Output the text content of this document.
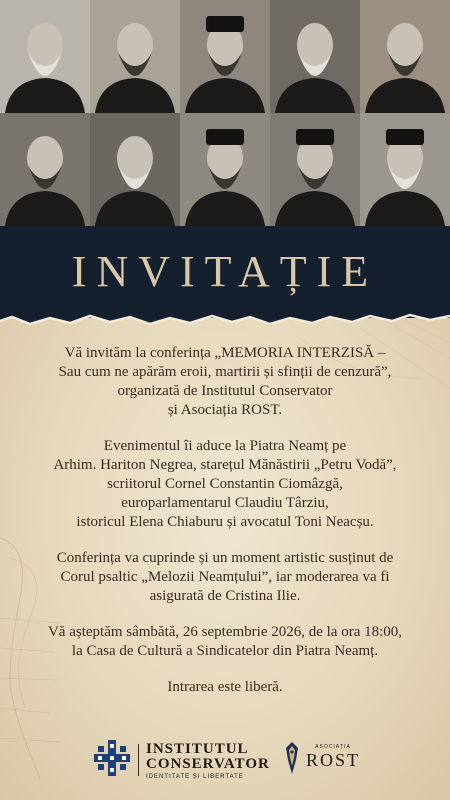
INVITAȚIE

Vă invităm la conferința „MEMORIA INTERZISĂ –
Sau cum ne apărăm eroii, martirii și sfinții de cenzură”,
organizată de Institutul Conservator
și Asociația ROST.

Evenimentul îi aduce la Piatra Neamț pe
Arhim. Hariton Negrea, starețul Mănăstirii „Petru Vodă”,
scriitorul Cornel Constantin Ciomâzgă,
europarlamentarul Claudiu Târziu,
istoricul Elena Chiaburu și avocatul Toni Neacșu.

Conferința va cuprinde și un moment artistic susținut de
Corul psaltic „Melozii Neamțului”, iar moderarea va fi
asigurată de Cristina Ilie.

Vă așteptăm sâmbătă, 26 septembrie 2026, de la ora 18:00,
la Casa de Cultură a Sindicatelor din Piatra Neamț.

Intrarea este liberă.

INSTITUTUL
CONSERVATOR
IDENTITATE ȘI LIBERTATE
ASOCIAȚIA
ROST
